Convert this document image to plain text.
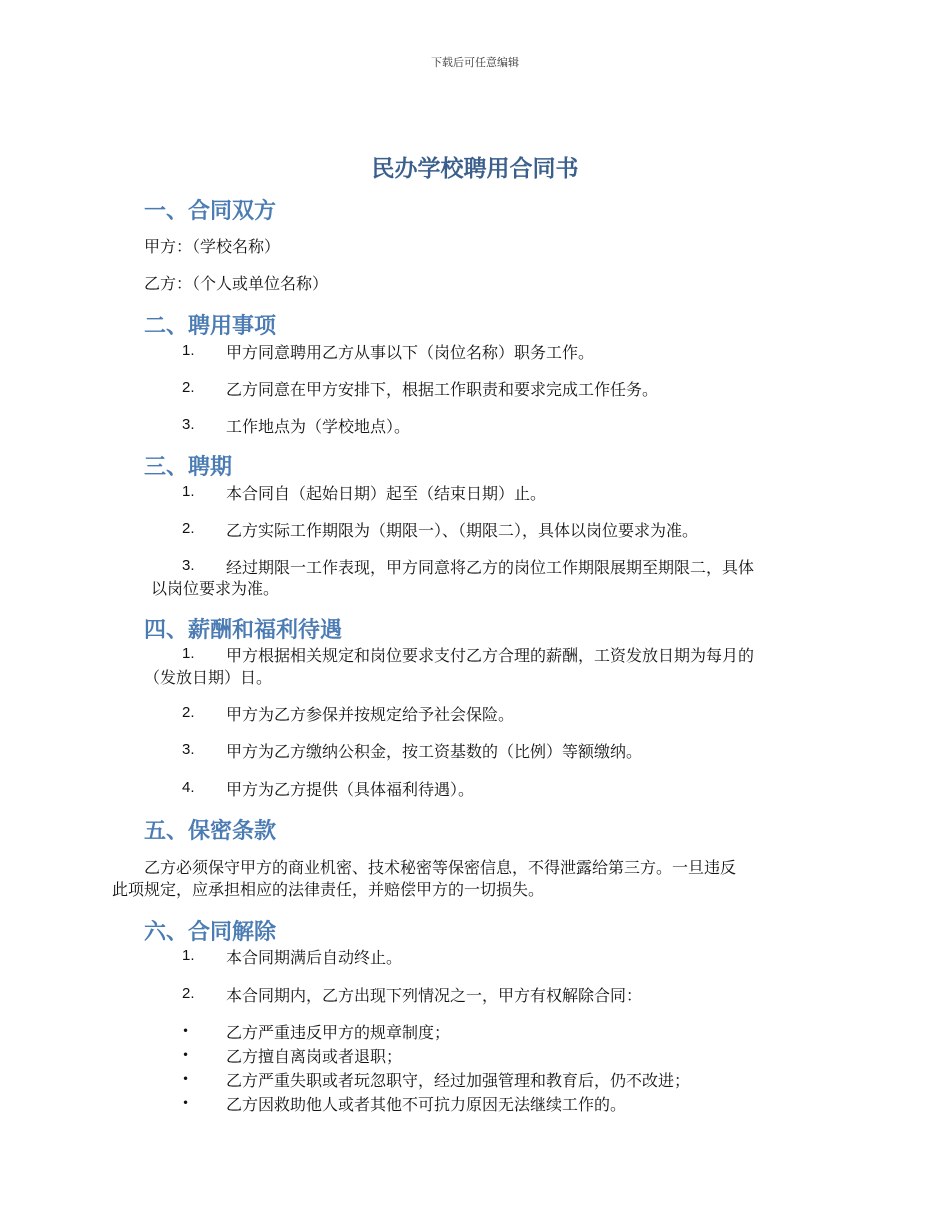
下载后可任意编辑
民办学校聘用合同书
一、合同双方
甲方：（学校名称）
乙方：（个人或单位名称）
二、聘用事项
1. 甲方同意聘用乙方从事以下（岗位名称）职务工作。
2. 乙方同意在甲方安排下，根据工作职责和要求完成工作任务。
3. 工作地点为（学校地点）。
三、聘期
1. 本合同自（起始日期）起至（结束日期）止。
2. 乙方实际工作期限为（期限一）、（期限二），具体以岗位要求为准。
3. 经过期限一工作表现，甲方同意将乙方的岗位工作期限展期至期限二，具体
以岗位要求为准。
四、薪酬和福利待遇
1. 甲方根据相关规定和岗位要求支付乙方合理的薪酬，工资发放日期为每月的
（发放日期）日。
2. 甲方为乙方参保并按规定给予社会保险。
3. 甲方为乙方缴纳公积金，按工资基数的（比例）等额缴纳。
4. 甲方为乙方提供（具体福利待遇）。
五、保密条款
乙方必须保守甲方的商业机密、技术秘密等保密信息，不得泄露给第三方。一旦违反
此项规定，应承担相应的法律责任，并赔偿甲方的一切损失。
六、合同解除
1. 本合同期满后自动终止。
2. 本合同期内，乙方出现下列情况之一，甲方有权解除合同：
• 乙方严重违反甲方的规章制度；
• 乙方擅自离岗或者退职；
• 乙方严重失职或者玩忽职守，经过加强管理和教育后，仍不改进；
• 乙方因救助他人或者其他不可抗力原因无法继续工作的。
